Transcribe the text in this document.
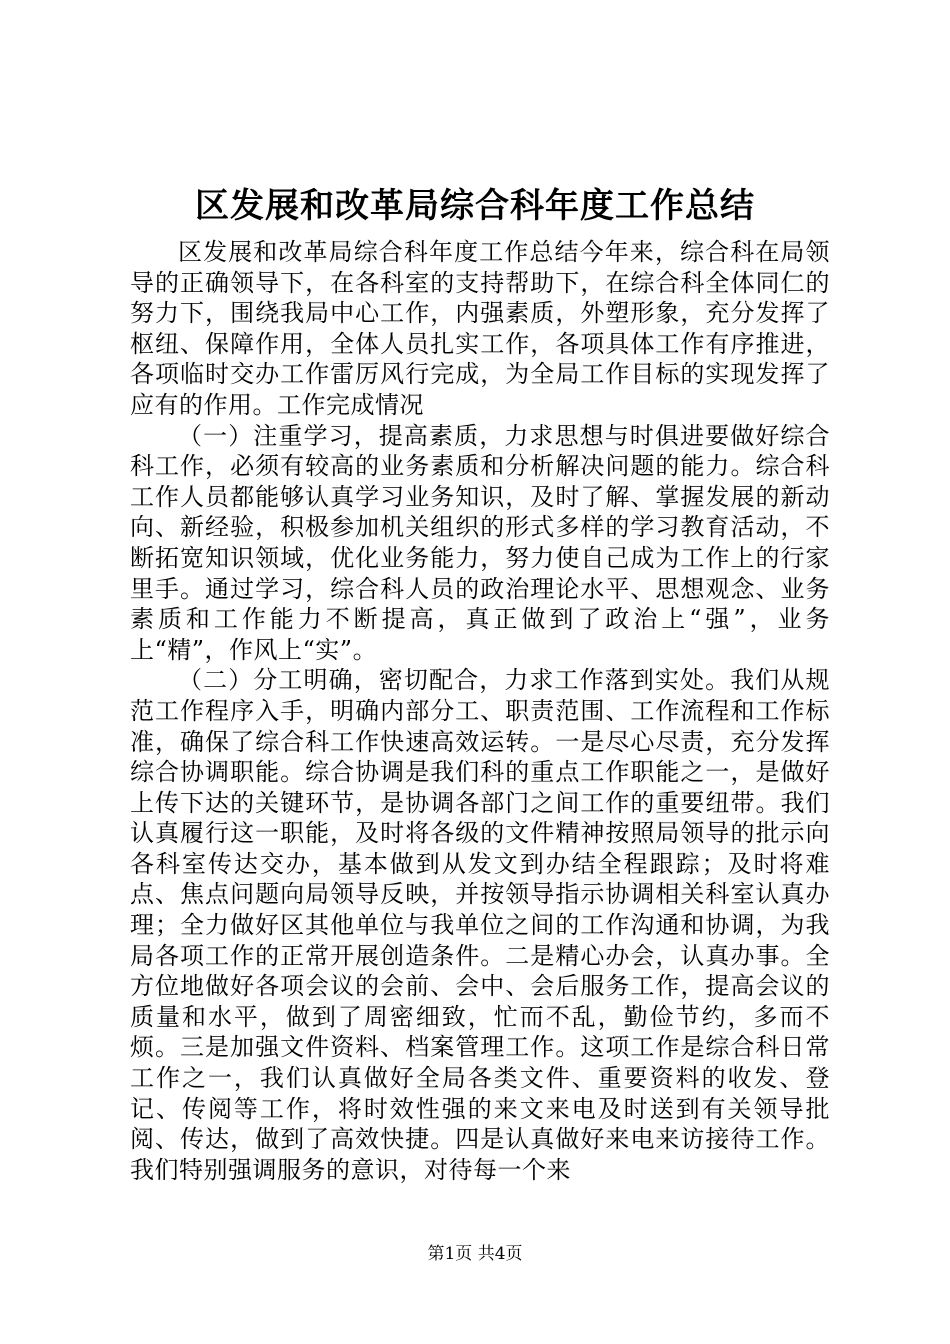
区发展和改革局综合科年度工作总结

区发展和改革局综合科年度工作总结今年来，综合科在局领导的正确领导下，在各科室的支持帮助下，在综合科全体同仁的努力下，围绕我局中心工作，内强素质，外塑形象，充分发挥了枢纽、保障作用，全体人员扎实工作，各项具体工作有序推进，各项临时交办工作雷厉风行完成，为全局工作目标的实现发挥了应有的作用。工作完成情况

（一）注重学习，提高素质，力求思想与时俱进要做好综合科工作，必须有较高的业务素质和分析解决问题的能力。综合科工作人员都能够认真学习业务知识，及时了解、掌握发展的新动向、新经验，积极参加机关组织的形式多样的学习教育活动，不断拓宽知识领域，优化业务能力，努力使自己成为工作上的行家里手。通过学习，综合科人员的政治理论水平、思想观念、业务素质和工作能力不断提高，真正做到了政治上“强”，业务上“精”，作风上“实”。

（二）分工明确，密切配合，力求工作落到实处。我们从规范工作程序入手，明确内部分工、职责范围、工作流程和工作标准，确保了综合科工作快速高效运转。一是尽心尽责，充分发挥综合协调职能。综合协调是我们科的重点工作职能之一，是做好上传下达的关键环节，是协调各部门之间工作的重要纽带。我们认真履行这一职能，及时将各级的文件精神按照局领导的批示向各科室传达交办，基本做到从发文到办结全程跟踪；及时将难点、焦点问题向局领导反映，并按领导指示协调相关科室认真办理；全力做好区其他单位与我单位之间的工作沟通和协调，为我局各项工作的正常开展创造条件。二是精心办会，认真办事。全方位地做好各项会议的会前、会中、会后服务工作，提高会议的质量和水平，做到了周密细致，忙而不乱，勤俭节约，多而不烦。三是加强文件资料、档案管理工作。这项工作是综合科日常工作之一，我们认真做好全局各类文件、重要资料的收发、登记、传阅等工作，将时效性强的来文来电及时送到有关领导批阅、传达，做到了高效快捷。四是认真做好来电来访接待工作。我们特别强调服务的意识，对待每一个来

第1页 共4页
